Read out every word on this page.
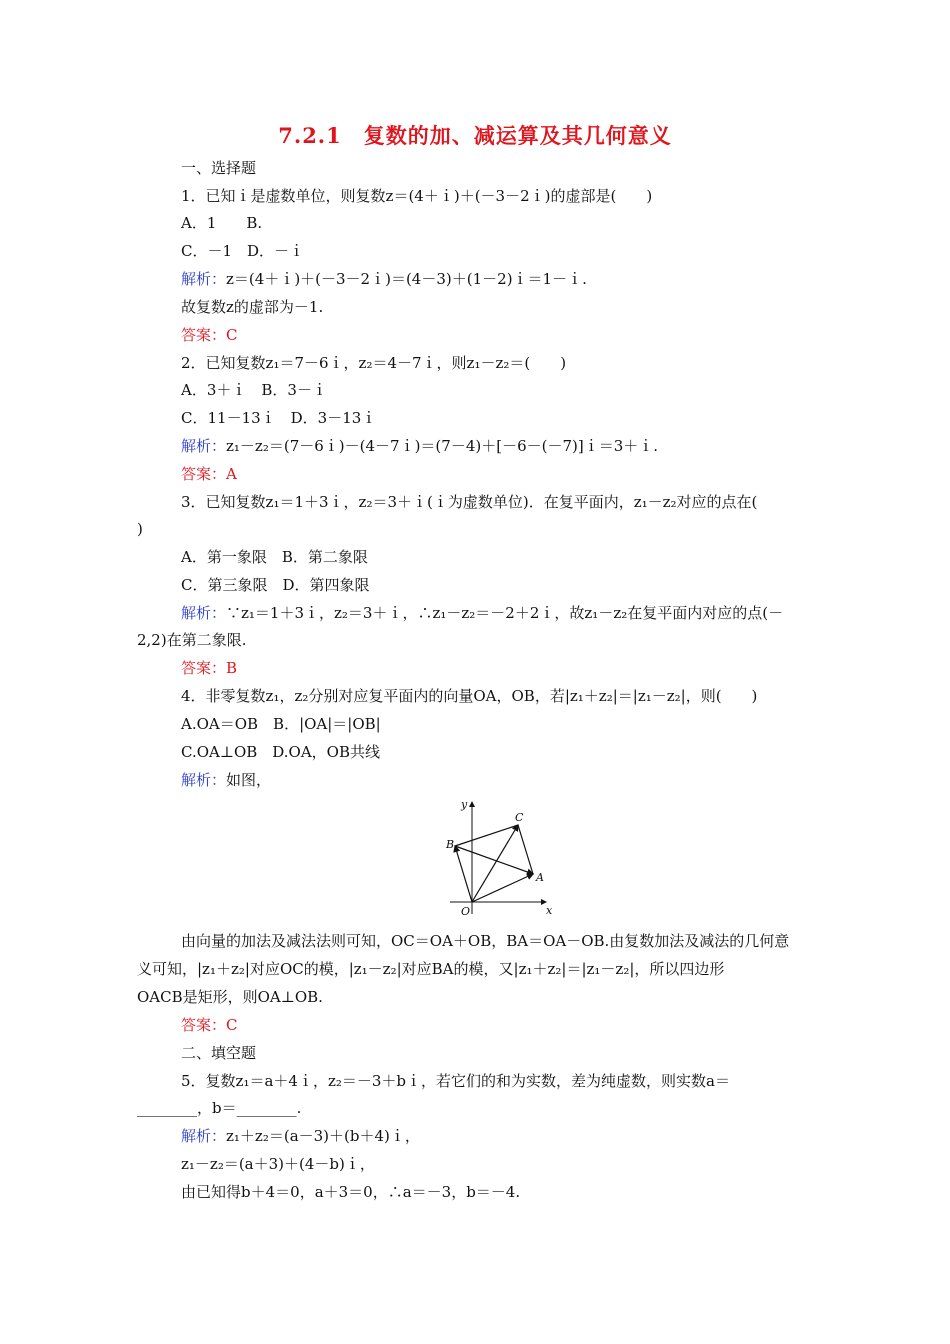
7.2.1　复数的加、减运算及其几何意义
一、选择题
1．已知ｉ是虚数单位，则复数z＝(4＋ｉ)＋(－3－2ｉ)的虚部是(　　)
A．1　　B.
C．－1　D．－ｉ
解析：z＝(4＋ｉ)＋(－3－2ｉ)＝(4－3)＋(1－2)ｉ＝1－ｉ.
故复数z的虚部为－1.
答案：C
2．已知复数z₁＝7－6ｉ，z₂＝4－7ｉ，则z₁－z₂＝(　　)
A．3＋ｉ　B．3－ｉ
C．11－13ｉ　D．3－13ｉ
解析：z₁－z₂＝(7－6ｉ)－(4－7ｉ)＝(7－4)＋[－6－(－7)]ｉ＝3＋ｉ.
答案：A
3．已知复数z₁＝1＋3ｉ，z₂＝3＋ｉ(ｉ为虚数单位)．在复平面内，z₁－z₂对应的点在(
)
A．第一象限　B．第二象限
C．第三象限　D．第四象限
解析：∵z₁＝1＋3ｉ，z₂＝3＋ｉ，∴z₁－z₂＝－2＋2ｉ，故z₁－z₂在复平面内对应的点(－
2,2)在第二象限.
答案：B
4．非零复数z₁，z₂分别对应复平面内的向量OA，OB，若|z₁＋z₂|＝|z₁－z₂|，则(　　)
A.OA＝OB　B．|OA|＝|OB|
C.OA⊥OB　D.OA，OB共线
解析：如图，
y
x
O
A
B
C
由向量的加法及减法法则可知，OC＝OA＋OB，BA＝OA－OB.由复数加法及减法的几何意
义可知，|z₁＋z₂|对应OC的模，|z₁－z₂|对应BA的模，又|z₁＋z₂|＝|z₁－z₂|，所以四边形
OACB是矩形，则OA⊥OB.
答案：C
二、填空题
5．复数z₁＝a＋4ｉ，z₂＝－3＋bｉ，若它们的和为实数，差为纯虚数，则实数a＝
________，b＝________.
解析：z₁＋z₂＝(a－3)＋(b＋4)ｉ，
z₁－z₂＝(a＋3)＋(4－b)ｉ，
由已知得b＋4＝0，a＋3＝0，∴a＝－3，b＝－4.
